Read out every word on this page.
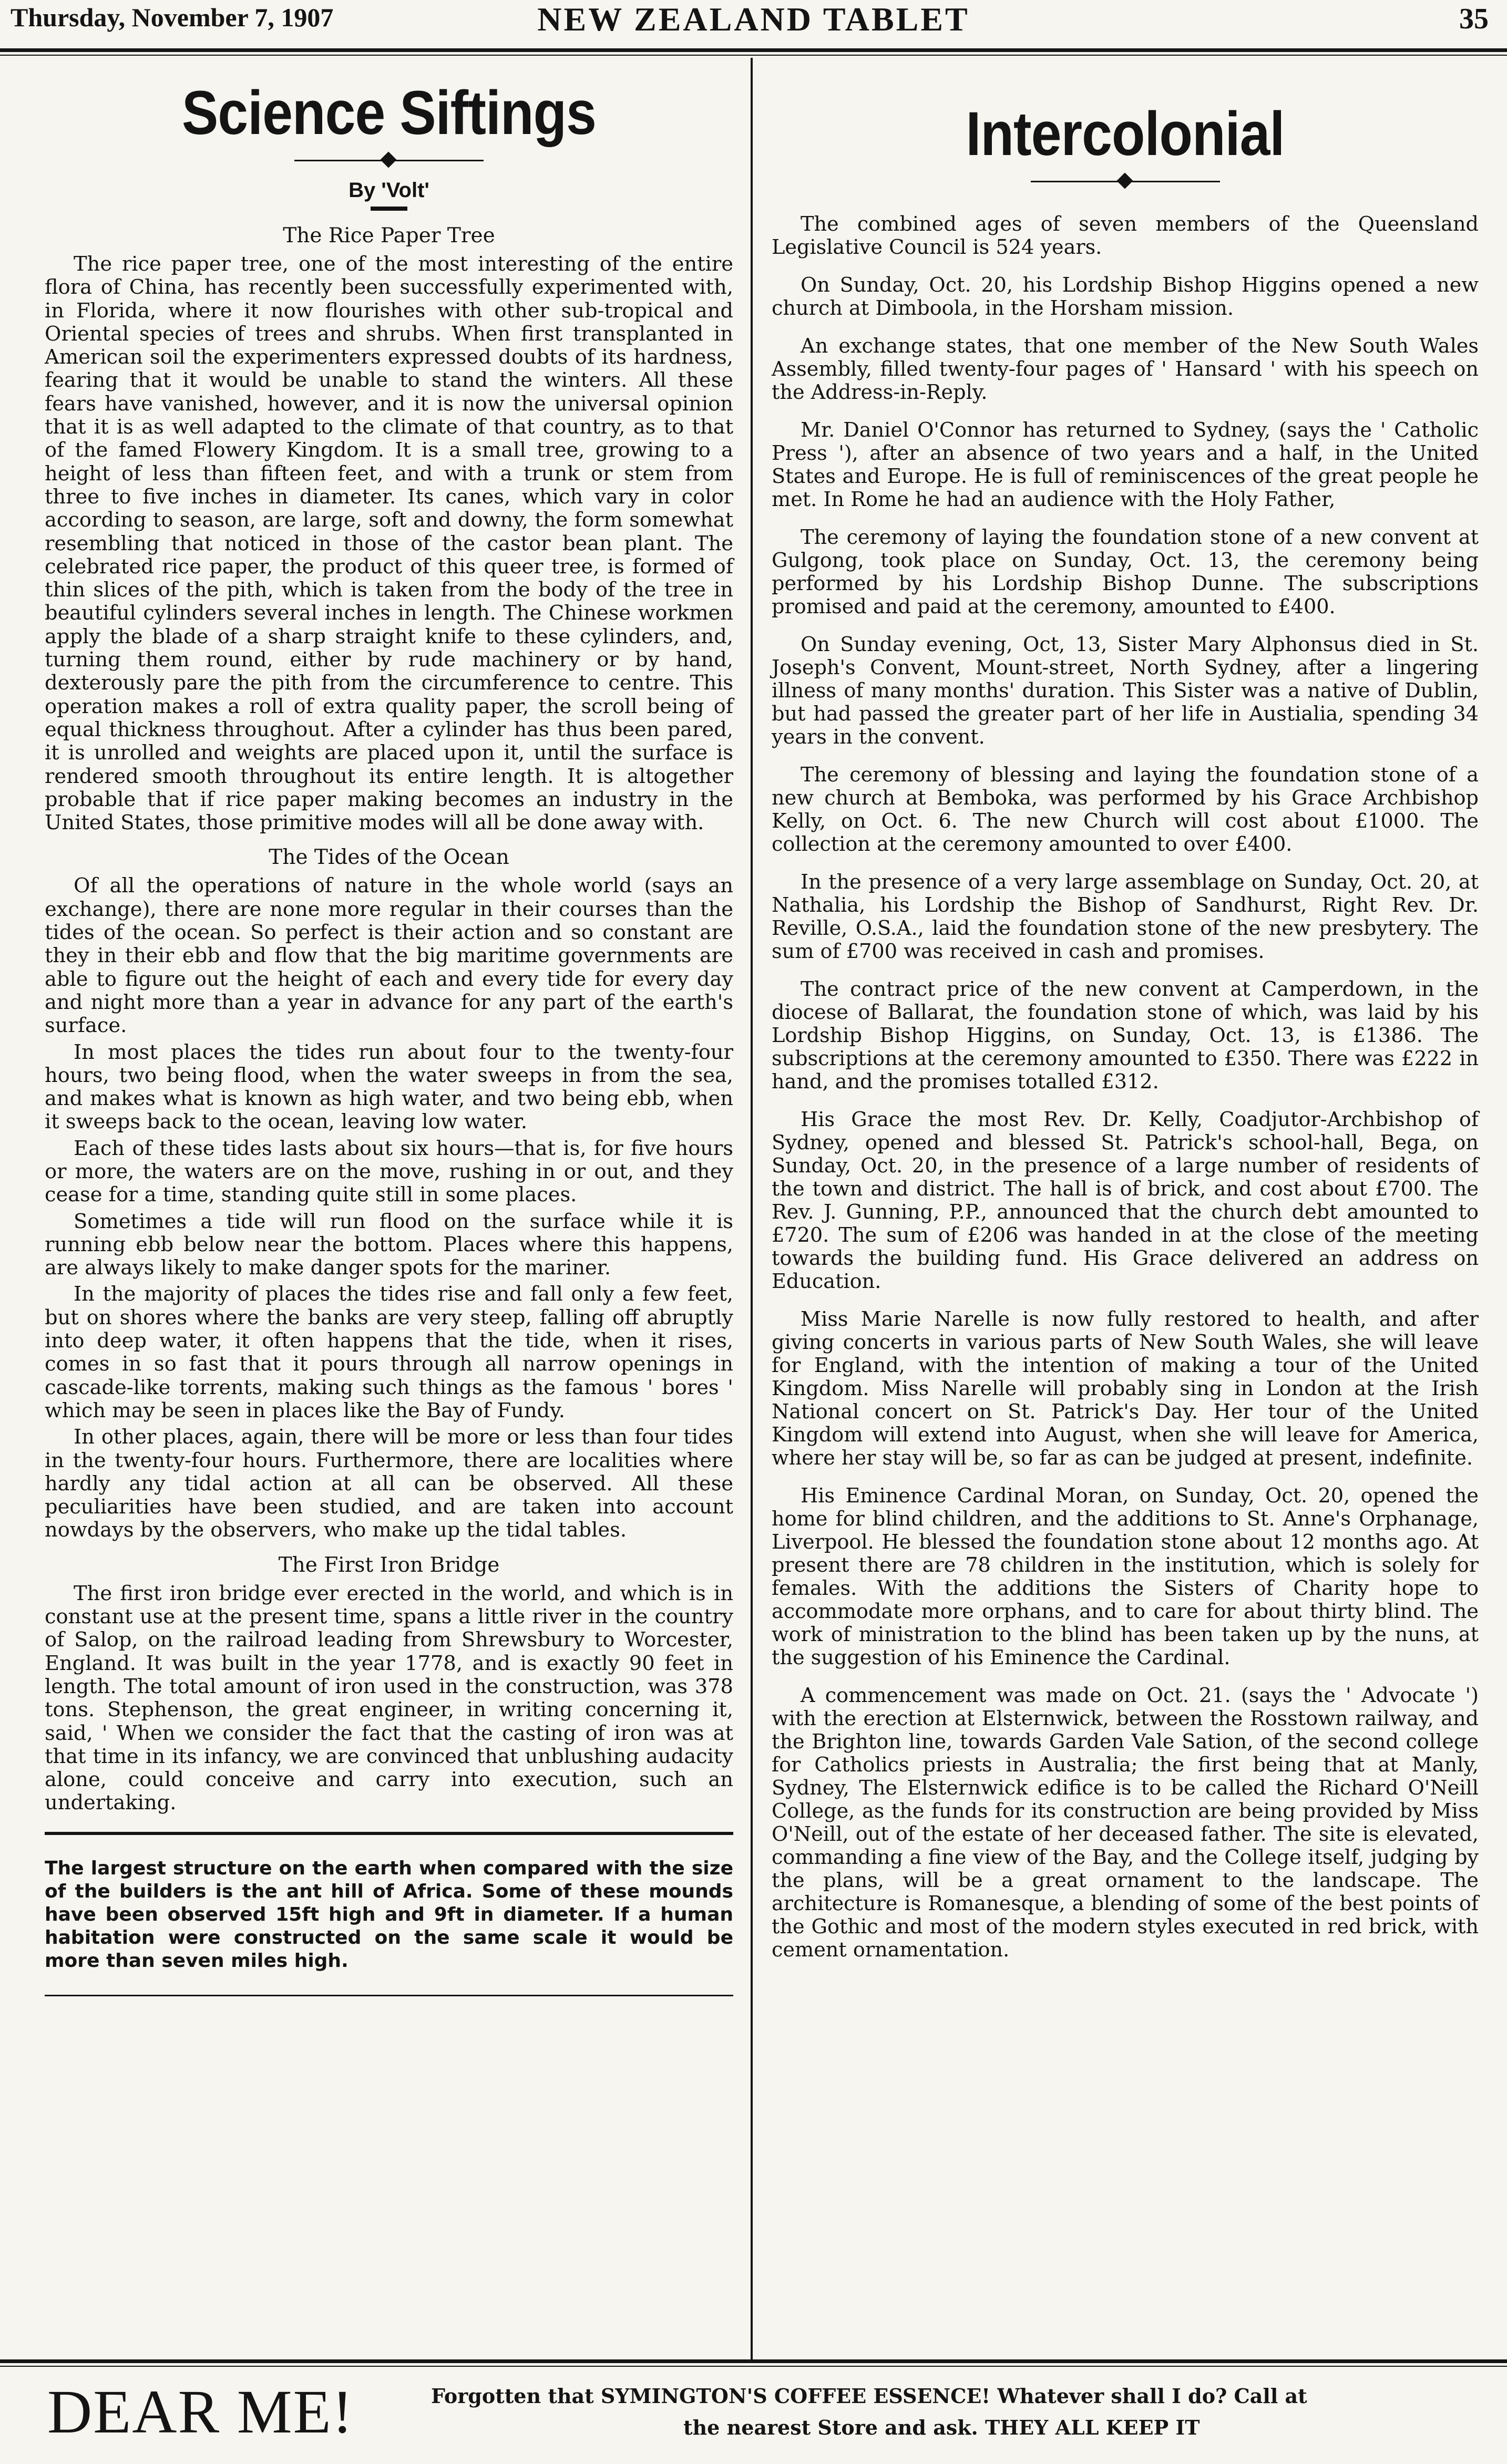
Thursday, November 7, 1907	NEW ZEALAND TABLET	35
Science Siftings
By 'Volt'
The Rice Paper Tree

The rice paper tree, one of the most interesting of the entire flora of China, has recently been successfully experimented with, in Florida, where it now flourishes with other sub-tropical and Oriental species of trees and shrubs. When first transplanted in American soil the experimenters expressed doubts of its hardness, fearing that it would be unable to stand the winters. All these fears have vanished, however, and it is now the universal opinion that it is as well adapted to the climate of that country, as to that of the famed Flowery Kingdom. It is a small tree, growing to a height of less than fifteen feet, and with a trunk or stem from three to five inches in diameter. Its canes, which vary in color according to season, are large, soft and downy, the form somewhat resembling that noticed in those of the castor bean plant. The celebrated rice paper, the product of this queer tree, is formed of thin slices of the pith, which is taken from the body of the tree in beautiful cylinders several inches in length. The Chinese workmen apply the blade of a sharp straight knife to these cylinders, and, turning them round, either by rude machinery or by hand, dexterously pare the pith from the circumference to centre. This operation makes a roll of extra quality paper, the scroll being of equal thickness throughout. After a cylinder has thus been pared, it is unrolled and weights are placed upon it, until the surface is rendered smooth throughout its entire length. It is altogether probable that if rice paper making becomes an industry in the United States, those primitive modes will all be done away with.

The Tides of the Ocean

Of all the operations of nature in the whole world (says an exchange), there are none more regular in their courses than the tides of the ocean. So perfect is their action and so constant are they in their ebb and flow that the big maritime governments are able to figure out the height of each and every tide for every day and night more than a year in advance for any part of the earth's surface.

In most places the tides run about four to the twenty-four hours, two being flood, when the water sweeps in from the sea, and makes what is known as high water, and two being ebb, when it sweeps back to the ocean, leaving low water.

Each of these tides lasts about six hours—that is, for five hours or more, the waters are on the move, rushing in or out, and they cease for a time, standing quite still in some places.

Sometimes a tide will run flood on the surface while it is running ebb below near the bottom. Places where this happens, are always likely to make danger spots for the mariner.

In the majority of places the tides rise and fall only a few feet, but on shores where the banks are very steep, falling off abruptly into deep water, it often happens that the tide, when it rises, comes in so fast that it pours through all narrow openings in cascade-like torrents, making such things as the famous ' bores ' which may be seen in places like the Bay of Fundy.

In other places, again, there will be more or less than four tides in the twenty-four hours. Furthermore, there are localities where hardly any tidal action at all can be observed. All these peculiarities have been studied, and are taken into account nowdays by the observers, who make up the tidal tables.

The First Iron Bridge

The first iron bridge ever erected in the world, and which is in constant use at the present time, spans a little river in the country of Salop, on the railroad leading from Shrewsbury to Worcester, England. It was built in the year 1778, and is exactly 90 feet in length. The total amount of iron used in the construction, was 378 tons. Stephenson, the great engineer, in writing concerning it, said, ' When we consider the fact that the casting of iron was at that time in its infancy, we are convinced that unblushing audacity alone, could conceive and carry into execution, such an undertaking.

The largest structure on the earth when compared with the size of the builders is the ant hill of Africa. Some of these mounds have been observed 15ft high and 9ft in diameter. If a human habitation were constructed on the same scale it would be more than seven miles high.

Intercolonial

The combined ages of seven members of the Queensland Legislative Council is 524 years.

On Sunday, Oct. 20, his Lordship Bishop Higgins opened a new church at Dimboola, in the Horsham mission.

An exchange states, that one member of the New South Wales Assembly, filled twenty-four pages of ' Hansard ' with his speech on the Address-in-Reply.

Mr. Daniel O'Connor has returned to Sydney, (says the ' Catholic Press '), after an absence of two years and a half, in the United States and Europe. He is full of reminiscences of the great people he met. In Rome he had an audience with the Holy Father,

The ceremony of laying the foundation stone of a new convent at Gulgong, took place on Sunday, Oct. 13, the ceremony being performed by his Lordship Bishop Dunne. The subscriptions promised and paid at the ceremony, amounted to £400.

On Sunday evening, Oct, 13, Sister Mary Alphonsus died in St. Joseph's Convent, Mount-street, North Sydney, after a lingering illness of many months' duration. This Sister was a native of Dublin, but had passed the greater part of her life in Austialia, spending 34 years in the convent.

The ceremony of blessing and laying the foundation stone of a new church at Bemboka, was performed by his Grace Archbishop Kelly, on Oct. 6. The new Church will cost about £1000. The collection at the ceremony amounted to over £400.

In the presence of a very large assemblage on Sunday, Oct. 20, at Nathalia, his Lordship the Bishop of Sandhurst, Right Rev. Dr. Reville, O.S.A., laid the foundation stone of the new presbytery. The sum of £700 was received in cash and promises.

The contract price of the new convent at Camperdown, in the diocese of Ballarat, the foundation stone of which, was laid by his Lordship Bishop Higgins, on Sunday, Oct. 13, is £1386. The subscriptions at the ceremony amounted to £350. There was £222 in hand, and the promises totalled £312.

His Grace the most Rev. Dr. Kelly, Coadjutor-Archbishop of Sydney, opened and blessed St. Patrick's school-hall, Bega, on Sunday, Oct. 20, in the presence of a large number of residents of the town and district. The hall is of brick, and cost about £700. The Rev. J. Gunning, P.P., announced that the church debt amounted to £720. The sum of £206 was handed in at the close of the meeting towards the building fund. His Grace delivered an address on Education.

Miss Marie Narelle is now fully restored to health, and after giving concerts in various parts of New South Wales, she will leave for England, with the intention of making a tour of the United Kingdom. Miss Narelle will probably sing in London at the Irish National concert on St. Patrick's Day. Her tour of the United Kingdom will extend into August, when she will leave for America, where her stay will be, so far as can be judged at present, indefinite.

His Eminence Cardinal Moran, on Sunday, Oct. 20, opened the home for blind children, and the additions to St. Anne's Orphanage, Liverpool. He blessed the foundation stone about 12 months ago. At present there are 78 children in the institution, which is solely for females. With the additions the Sisters of Charity hope to accommodate more orphans, and to care for about thirty blind. The work of ministration to the blind has been taken up by the nuns, at the suggestion of his Eminence the Cardinal.

A commencement was made on Oct. 21. (says the ' Advocate ') with the erection at Elsternwick, between the Rosstown railway, and the Brighton line, towards Garden Vale Sation, of the second college for Catholics priests in Australia; the first being that at Manly, Sydney, The Elsternwick edifice is to be called the Richard O'Neill College, as the funds for its construction are being provided by Miss O'Neill, out of the estate of her deceased father. The site is elevated, commanding a fine view of the Bay, and the College itself, judging by the plans, will be a great ornament to the landscape. The architecture is Romanesque, a blending of some of the best points of the Gothic and most of the modern styles executed in red brick, with cement ornamentation.

DEAR ME!	Forgotten that SYMINGTON'S COFFEE ESSENCE! Whatever shall I do? Call at
the nearest Store and ask. THEY ALL KEEP IT
